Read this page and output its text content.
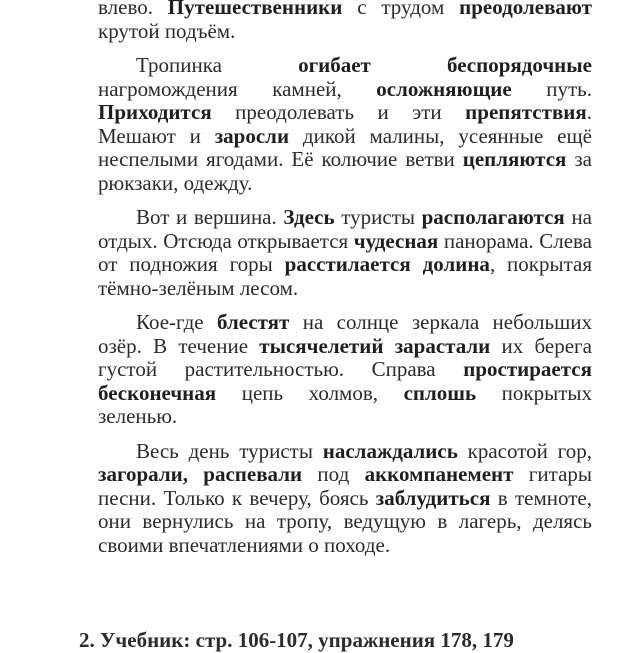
влево. Путешественники с трудом преодолевают крутой подъём.

Тропинка огибает	беспорядочные нагромождения камней, осложняющие путь. Приходится преодолевать и эти препятствия. Мешают и заросли дикой малины, усеянные ещё неспелыми ягодами. Её колючие ветви цепляются за рюкзаки, одежду.

Вот и вершина. Здесь туристы располагаются на отдых. Отсюда открывается чудесная панорама. Слева от подножия горы расстилается долина, покрытая тёмно-зелёным лесом.

Кое-где блестят на солнце зеркала небольших озёр. В течение тысячелетий зарастали их берега густой растительностью. Справа простирается бесконечная цепь холмов, сплошь покрытых зеленью.

Весь день туристы наслаждались красотой гор, загорали, распевали под аккомпанемент гитары песни. Только к вечеру, боясь заблудиться в темноте, они вернулись на тропу, ведущую в лагерь, делясь своими впечатлениями о походе.

2. Учебник: стр. 106-107, упражнения 178, 179
